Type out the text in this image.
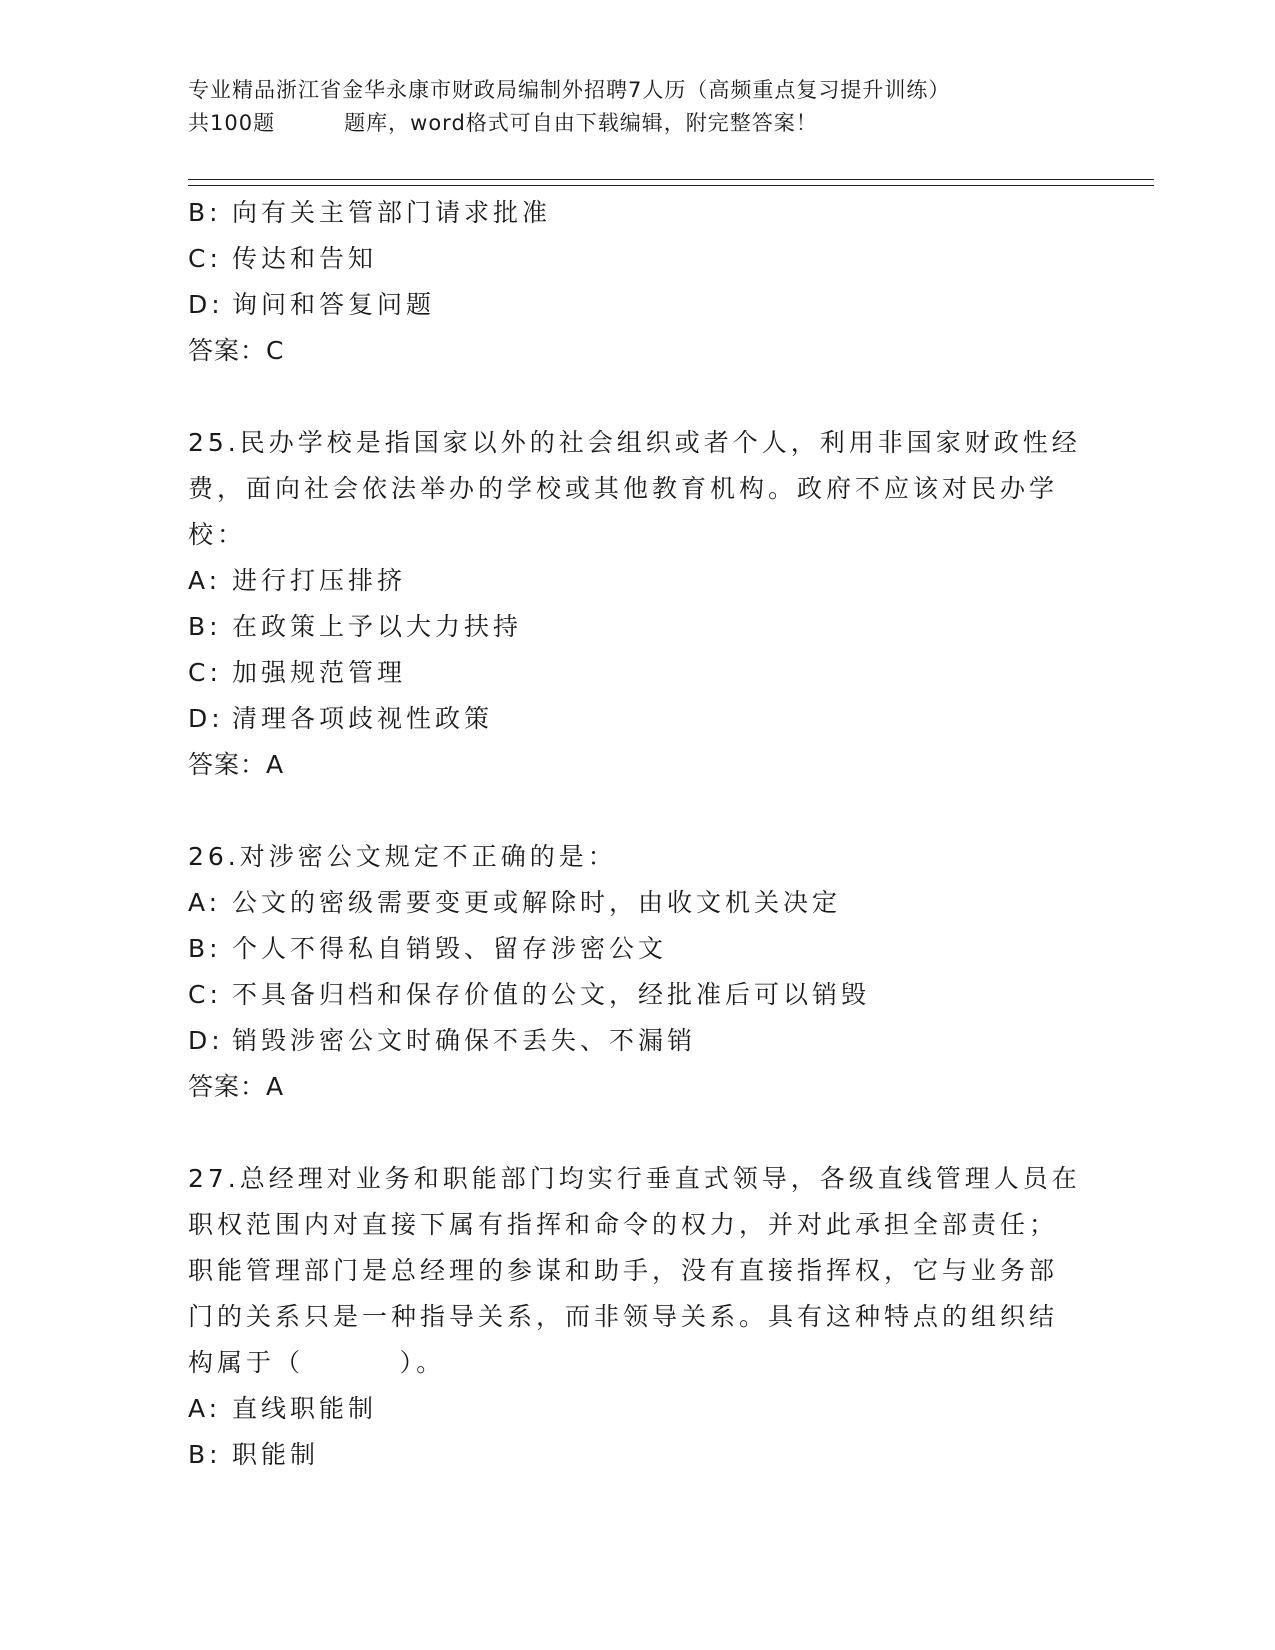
专业精品浙江省金华永康市财政局编制外招聘7人历（高频重点复习提升训练）
共100题         题库，word格式可自由下载编辑，附完整答案！
B: 向有关主管部门请求批准
C: 传达和告知
D: 询问和答复问题
答案：C
25.民办学校是指国家以外的社会组织或者个人，利用非国家财政性经
费，面向社会依法举办的学校或其他教育机构。政府不应该对民办学
校：
A: 进行打压排挤
B: 在政策上予以大力扶持
C: 加强规范管理
D: 清理各项歧视性政策
答案：A
26.对涉密公文规定不正确的是：
A: 公文的密级需要变更或解除时，由收文机关决定
B: 个人不得私自销毁、留存涉密公文
C: 不具备归档和保存价值的公文，经批准后可以销毁
D: 销毁涉密公文时确保不丢失、不漏销
答案：A
27.总经理对业务和职能部门均实行垂直式领导，各级直线管理人员在
职权范围内对直接下属有指挥和命令的权力，并对此承担全部责任；
职能管理部门是总经理的参谋和助手，没有直接指挥权，它与业务部
门的关系只是一种指导关系，而非领导关系。具有这种特点的组织结
构属于（        ）。
A: 直线职能制
B: 职能制
